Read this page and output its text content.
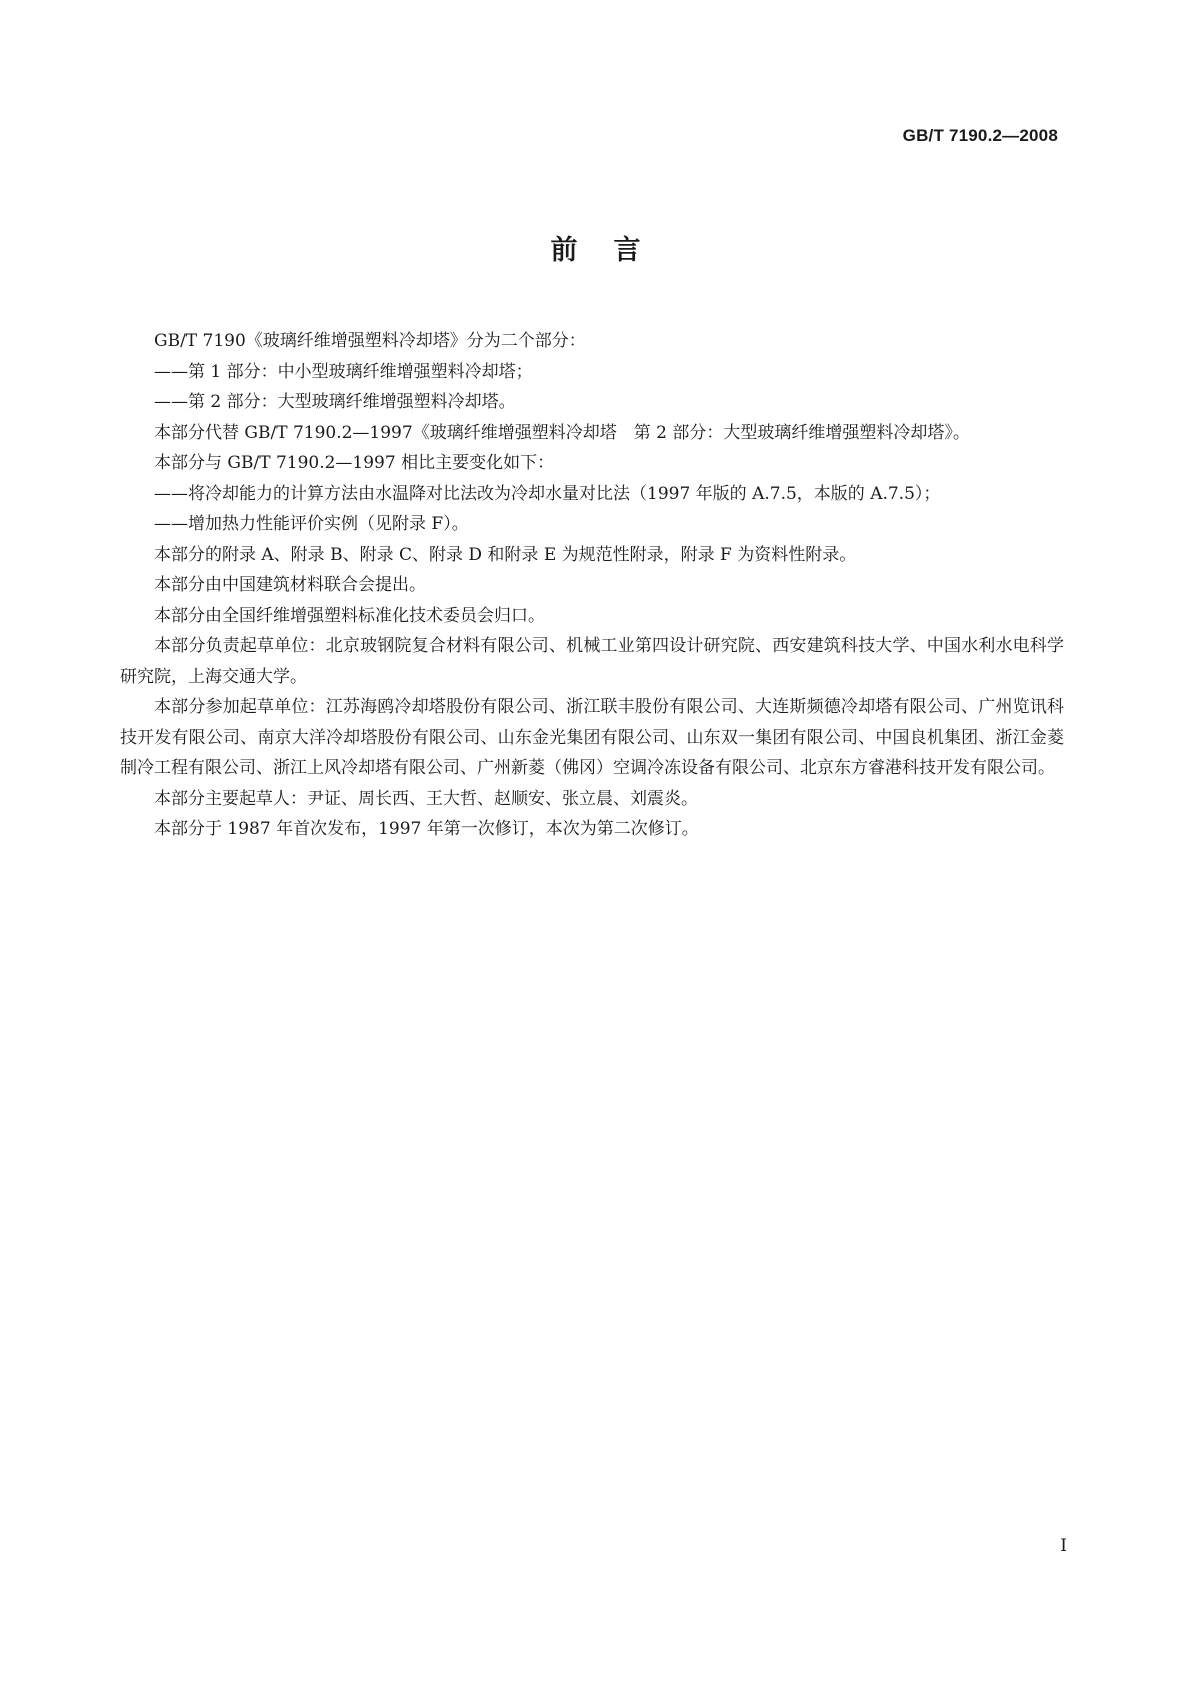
GB/T 7190.2—2008
前言

GB/T 7190《玻璃纤维增强塑料冷却塔》分为二个部分：

——第 1 部分：中小型玻璃纤维增强塑料冷却塔；

——第 2 部分：大型玻璃纤维增强塑料冷却塔。

本部分代替 GB/T 7190.2—1997《玻璃纤维增强塑料冷却塔　第 2 部分：大型玻璃纤维增强塑料冷却塔》。

本部分与 GB/T 7190.2—1997 相比主要变化如下：

——将冷却能力的计算方法由水温降对比法改为冷却水量对比法（1997 年版的 A.7.5，本版的 A.7.5）；

——增加热力性能评价实例（见附录 F）。

本部分的附录 A、附录 B、附录 C、附录 D 和附录 E 为规范性附录，附录 F 为资料性附录。

本部分由中国建筑材料联合会提出。

本部分由全国纤维增强塑料标准化技术委员会归口。

本部分负责起草单位：北京玻钢院复合材料有限公司、机械工业第四设计研究院、西安建筑科技大学、中国水利水电科学研究院，上海交通大学。

本部分参加起草单位：江苏海鸥冷却塔股份有限公司、浙江联丰股份有限公司、大连斯频德冷却塔有限公司、广州览讯科技开发有限公司、南京大洋冷却塔股份有限公司、山东金光集团有限公司、山东双一集团有限公司、中国良机集团、浙江金菱制冷工程有限公司、浙江上风冷却塔有限公司、广州新菱（佛冈）空调冷冻设备有限公司、北京东方睿港科技开发有限公司。

本部分主要起草人：尹证、周长西、王大哲、赵顺安、张立晨、刘震炎。

本部分于 1987 年首次发布，1997 年第一次修订，本次为第二次修订。

I
